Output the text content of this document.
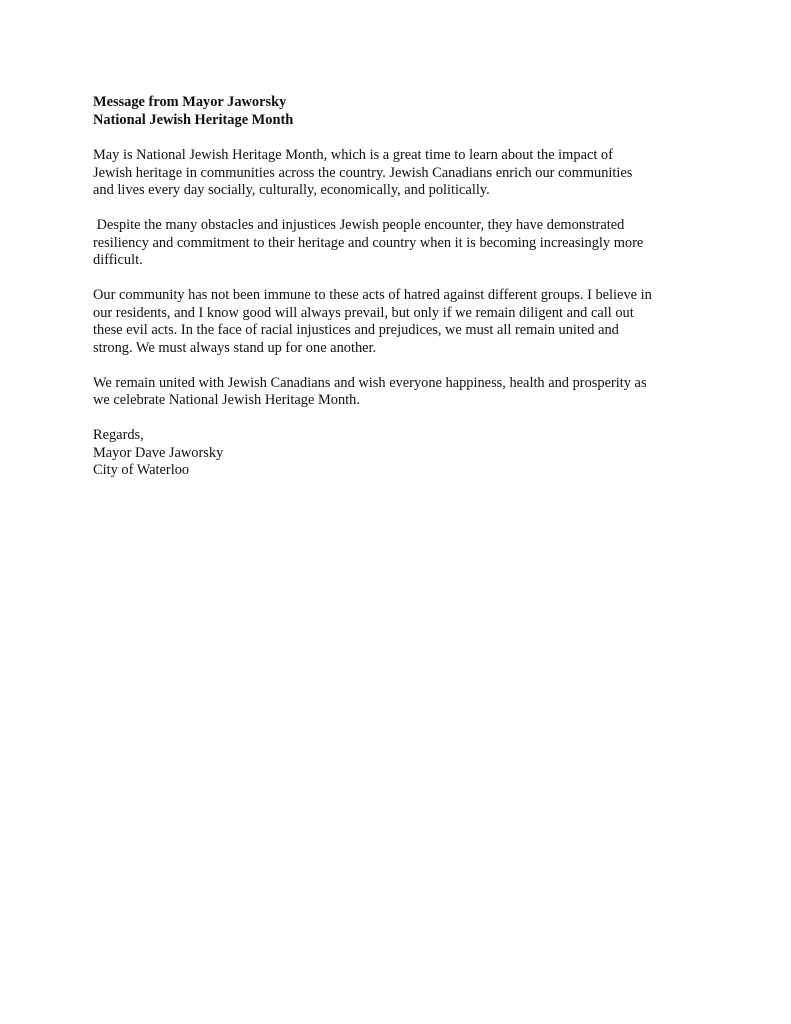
Message from Mayor Jaworsky

National Jewish Heritage Month

May is National Jewish Heritage Month, which is a great time to learn about the impact of
Jewish heritage in communities across the country. Jewish Canadians enrich our communities
and lives every day socially, culturally, economically, and politically.
Despite the many obstacles and injustices Jewish people encounter, they have demonstrated
resiliency and commitment to their heritage and country when it is becoming increasingly more
difficult.
Our community has not been immune to these acts of hatred against different groups. I believe in
our residents, and I know good will always prevail, but only if we remain diligent and call out
these evil acts. In the face of racial injustices and prejudices, we must all remain united and
strong. We must always stand up for one another.
We remain united with Jewish Canadians and wish everyone happiness, health and prosperity as
we celebrate National Jewish Heritage Month.

Regards,

Mayor Dave Jaworsky

City of Waterloo
